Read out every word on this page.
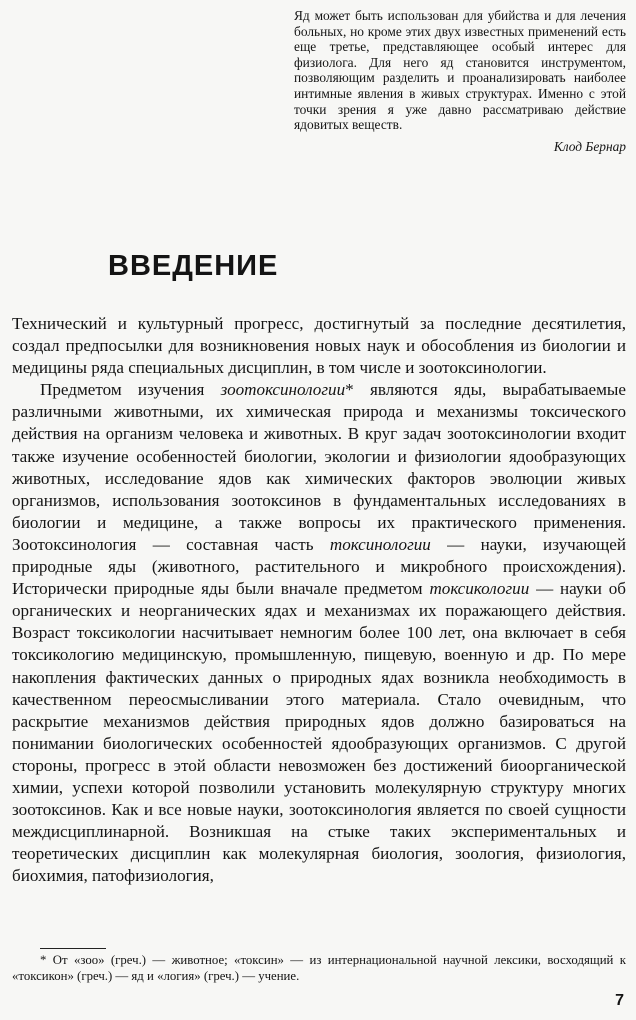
Яд может быть использован для убийства и для лечения больных, но кроме этих двух известных применений есть еще третье, представляющее особый интерес для физиолога. Для него яд становится инструментом, позволяющим разделить и проанализировать наиболее интимные явления в живых структурах. Именно с этой точки зрения я уже давно рассматриваю действие ядовитых веществ.

Клод Бернар

ВВЕДЕНИЕ

Технический и культурный прогресс, достигнутый за последние десятилетия, создал предпосылки для возникновения новых наук и обособления из биологии и медицины ряда специальных дисциплин, в том числе и зоотоксинологии.

Предметом изучения зоотоксинологии* являются яды, вырабатываемые различными животными, их химическая природа и механизмы токсического действия на организм человека и животных. В круг задач зоотоксинологии входит также изучение особенностей биологии, экологии и физиологии ядообразующих животных, исследование ядов как химических факторов эволюции живых организмов, использования зоотоксинов в фундаментальных исследованиях в биологии и медицине, а также вопросы их практического применения. Зоотоксинология — составная часть токсинологии — науки, изучающей природные яды (животного, растительного и микробного происхождения). Исторически природные яды были вначале предметом токсикологии — науки об органических и неорганических ядах и механизмах их поражающего действия. Возраст токсикологии насчитывает немногим более 100 лет, она включает в себя токсикологию медицинскую, промышленную, пищевую, военную и др. По мере накопления фактических данных о природных ядах возникла необходимость в качественном переосмысливании этого материала. Стало очевидным, что раскрытие механизмов действия природных ядов должно базироваться на понимании биологических особенностей ядообразующих организмов. С другой стороны, прогресс в этой области невозможен без достижений биоорганической химии, успехи которой позволили установить молекулярную структуру многих зоотоксинов. Как и все новые науки, зоотоксинология является по своей сущности междисциплинарной. Возникшая на стыке таких экспериментальных и теоретических дисциплин как молекулярная биология, зоология, физиология, биохимия, патофизиология,

* От «зоо» (греч.) — животное; «токсин» — из интернациональной научной лексики, восходящий к «токсикон» (греч.) — яд и «логия» (греч.) — учение.

7
